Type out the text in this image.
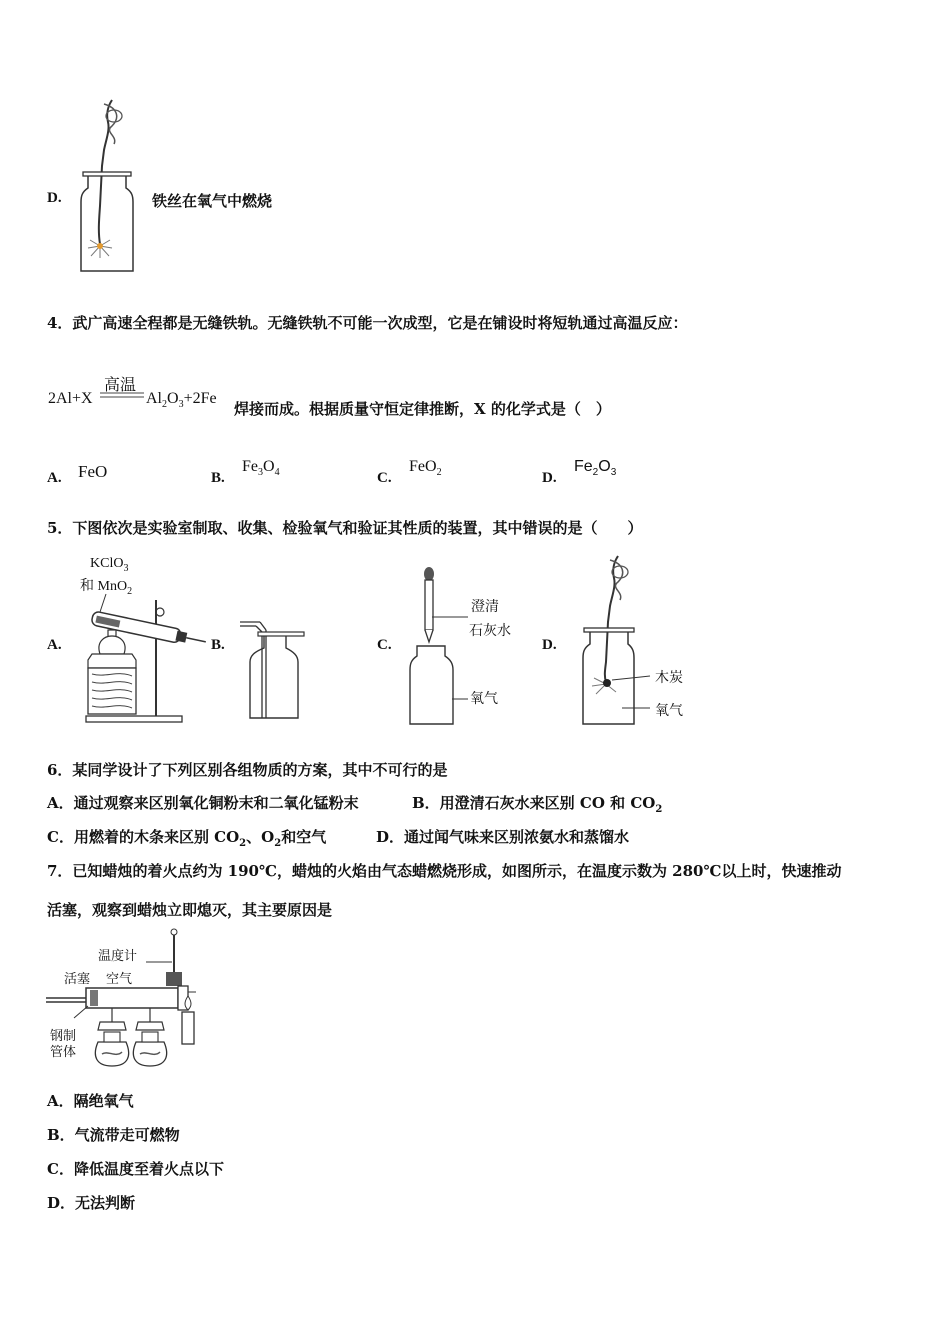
D.	铁丝在氧气中燃烧
4．武广高速全程都是无缝铁轨。无缝铁轨不可能一次成型，它是在铺设时将短轨通过高温反应：
2Al+X
高温
$Al_2O_3+2Fe$
焊接而成。根据质量守恒定律推断，X 的化学式是（　）
A. FeO	B.
$Fe_3O_4$	C.
FeO$_2$	D.
$Fe_2O_3$
5．下图依次是实验室制取、收集、检验氧气和验证其性质的装置，其中错误的是（　　）
A.
KClO$_3$
和 MnO$_2$
B.	C.
澄清
石灰水
氧气
D.
木炭
氧气
6．某同学设计了下列区别各组物质的方案，其中不可行的是
A．通过观察来区别氧化铜粉末和二氧化锰粉末	B．用澄清石灰水来区别 CO 和 $CO_2$
C．用燃着的木条来区别 $CO_2$、$O_2$和空气	D．通过闻气味来区别浓氨水和蒸馏水
7．已知蜡烛的着火点约为 190℃，蜡烛的火焰由气态蜡燃烧形成，如图所示，在温度示数为 280℃以上时，快速推动
活塞，观察到蜡烛立即熄灭，其主要原因是
温度计
活塞 空气
钢制
管体
A．隔绝氧气
B．气流带走可燃物
C．降低温度至着火点以下
D．无法判断
